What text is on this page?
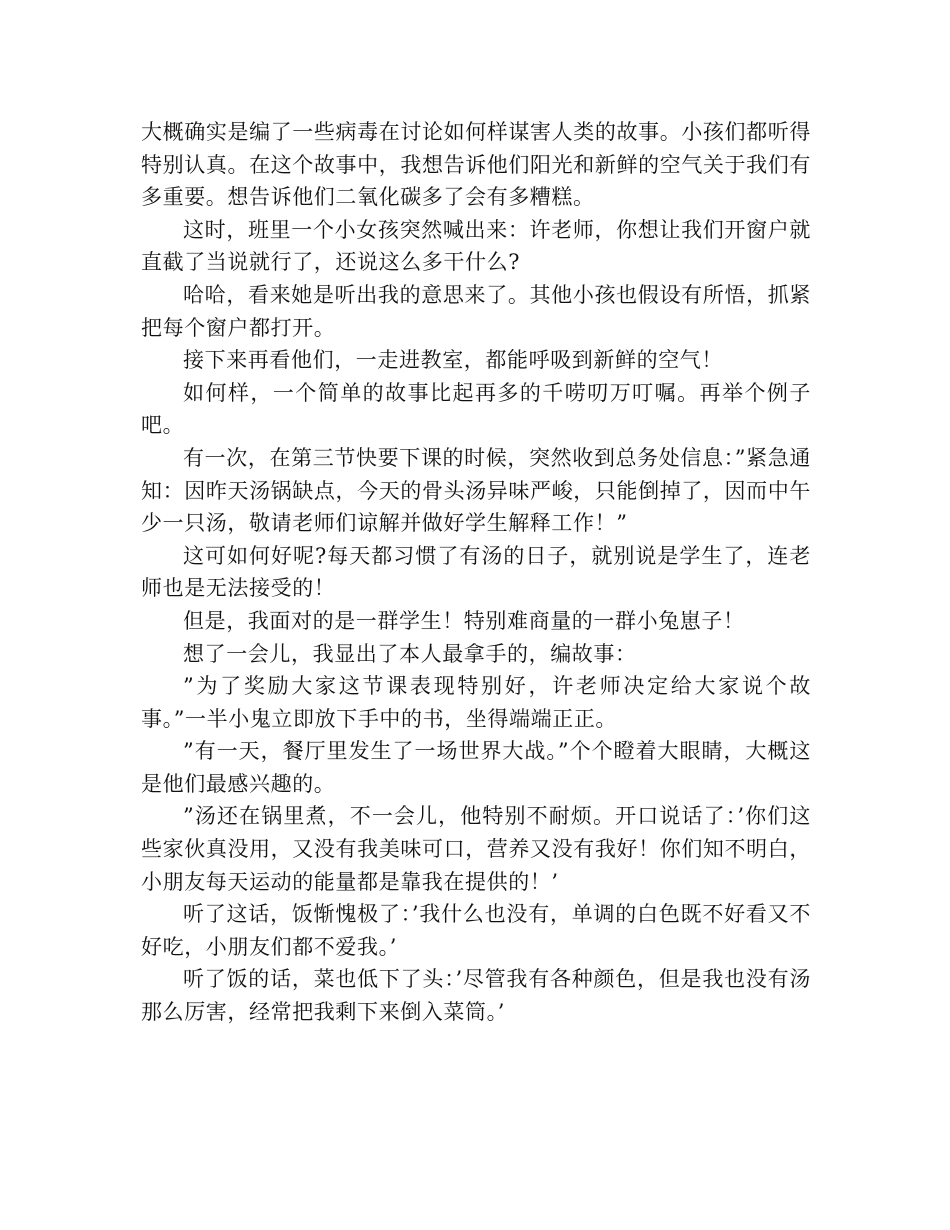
大概确实是编了一些病毒在讨论如何样谋害人类的故事。小孩们都听得特别认真。在这个故事中，我想告诉他们阳光和新鲜的空气关于我们有多重要。想告诉他们二氧化碳多了会有多糟糕。

这时，班里一个小女孩突然喊出来：许老师，你想让我们开窗户就直截了当说就行了，还说这么多干什么?

哈哈，看来她是听出我的意思来了。其他小孩也假设有所悟，抓紧把每个窗户都打开。

接下来再看他们，一走进教室，都能呼吸到新鲜的空气！

如何样，一个简单的故事比起再多的千唠叨万叮嘱。再举个例子吧。

有一次，在第三节快要下课的时候，突然收到总务处信息：”紧急通知：因昨天汤锅缺点，今天的骨头汤异味严峻，只能倒掉了，因而中午少一只汤，敬请老师们谅解并做好学生解释工作！”

这可如何好呢?每天都习惯了有汤的日子，就别说是学生了，连老师也是无法接受的！

但是，我面对的是一群学生！特别难商量的一群小兔崽子！

想了一会儿，我显出了本人最拿手的，编故事：

”为了奖励大家这节课表现特别好，许老师决定给大家说个故事。”一半小鬼立即放下手中的书，坐得端端正正。

”有一天，餐厅里发生了一场世界大战。”个个瞪着大眼睛，大概这是他们最感兴趣的。

”汤还在锅里煮，不一会儿，他特别不耐烦。开口说话了：’你们这些家伙真没用，又没有我美味可口，营养又没有我好！你们知不明白，小朋友每天运动的能量都是靠我在提供的！’

听了这话，饭惭愧极了：’我什么也没有，单调的白色既不好看又不好吃，小朋友们都不爱我。’

听了饭的话，菜也低下了头：’尽管我有各种颜色，但是我也没有汤那么厉害，经常把我剩下来倒入菜筒。’
